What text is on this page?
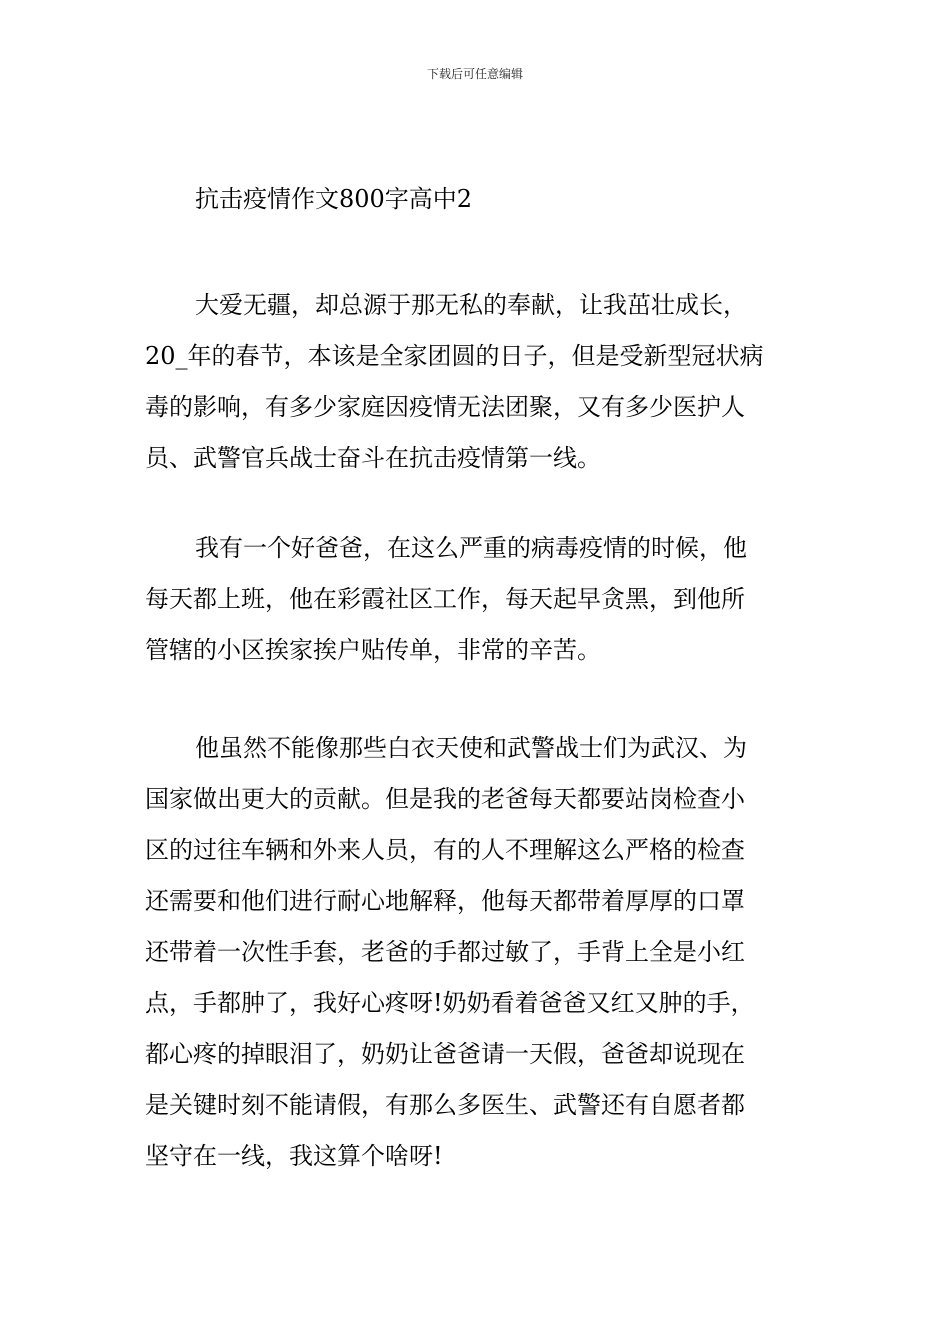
下载后可任意编辑
抗击疫情作文800字高中2
大爱无疆，却总源于那无私的奉献，让我茁壮成长，
20_年的春节，本该是全家团圆的日子，但是受新型冠状病
毒的影响，有多少家庭因疫情无法团聚，又有多少医护人
员、武警官兵战士奋斗在抗击疫情第一线。
我有一个好爸爸，在这么严重的病毒疫情的时候，他
每天都上班，他在彩霞社区工作，每天起早贪黑，到他所
管辖的小区挨家挨户贴传单，非常的辛苦。
他虽然不能像那些白衣天使和武警战士们为武汉、为
国家做出更大的贡献。但是我的老爸每天都要站岗检查小
区的过往车辆和外来人员，有的人不理解这么严格的检查
还需要和他们进行耐心地解释，他每天都带着厚厚的口罩
还带着一次性手套，老爸的手都过敏了，手背上全是小红
点，手都肿了，我好心疼呀!奶奶看着爸爸又红又肿的手，
都心疼的掉眼泪了，奶奶让爸爸请一天假，爸爸却说现在
是关键时刻不能请假，有那么多医生、武警还有自愿者都
坚守在一线，我这算个啥呀!
